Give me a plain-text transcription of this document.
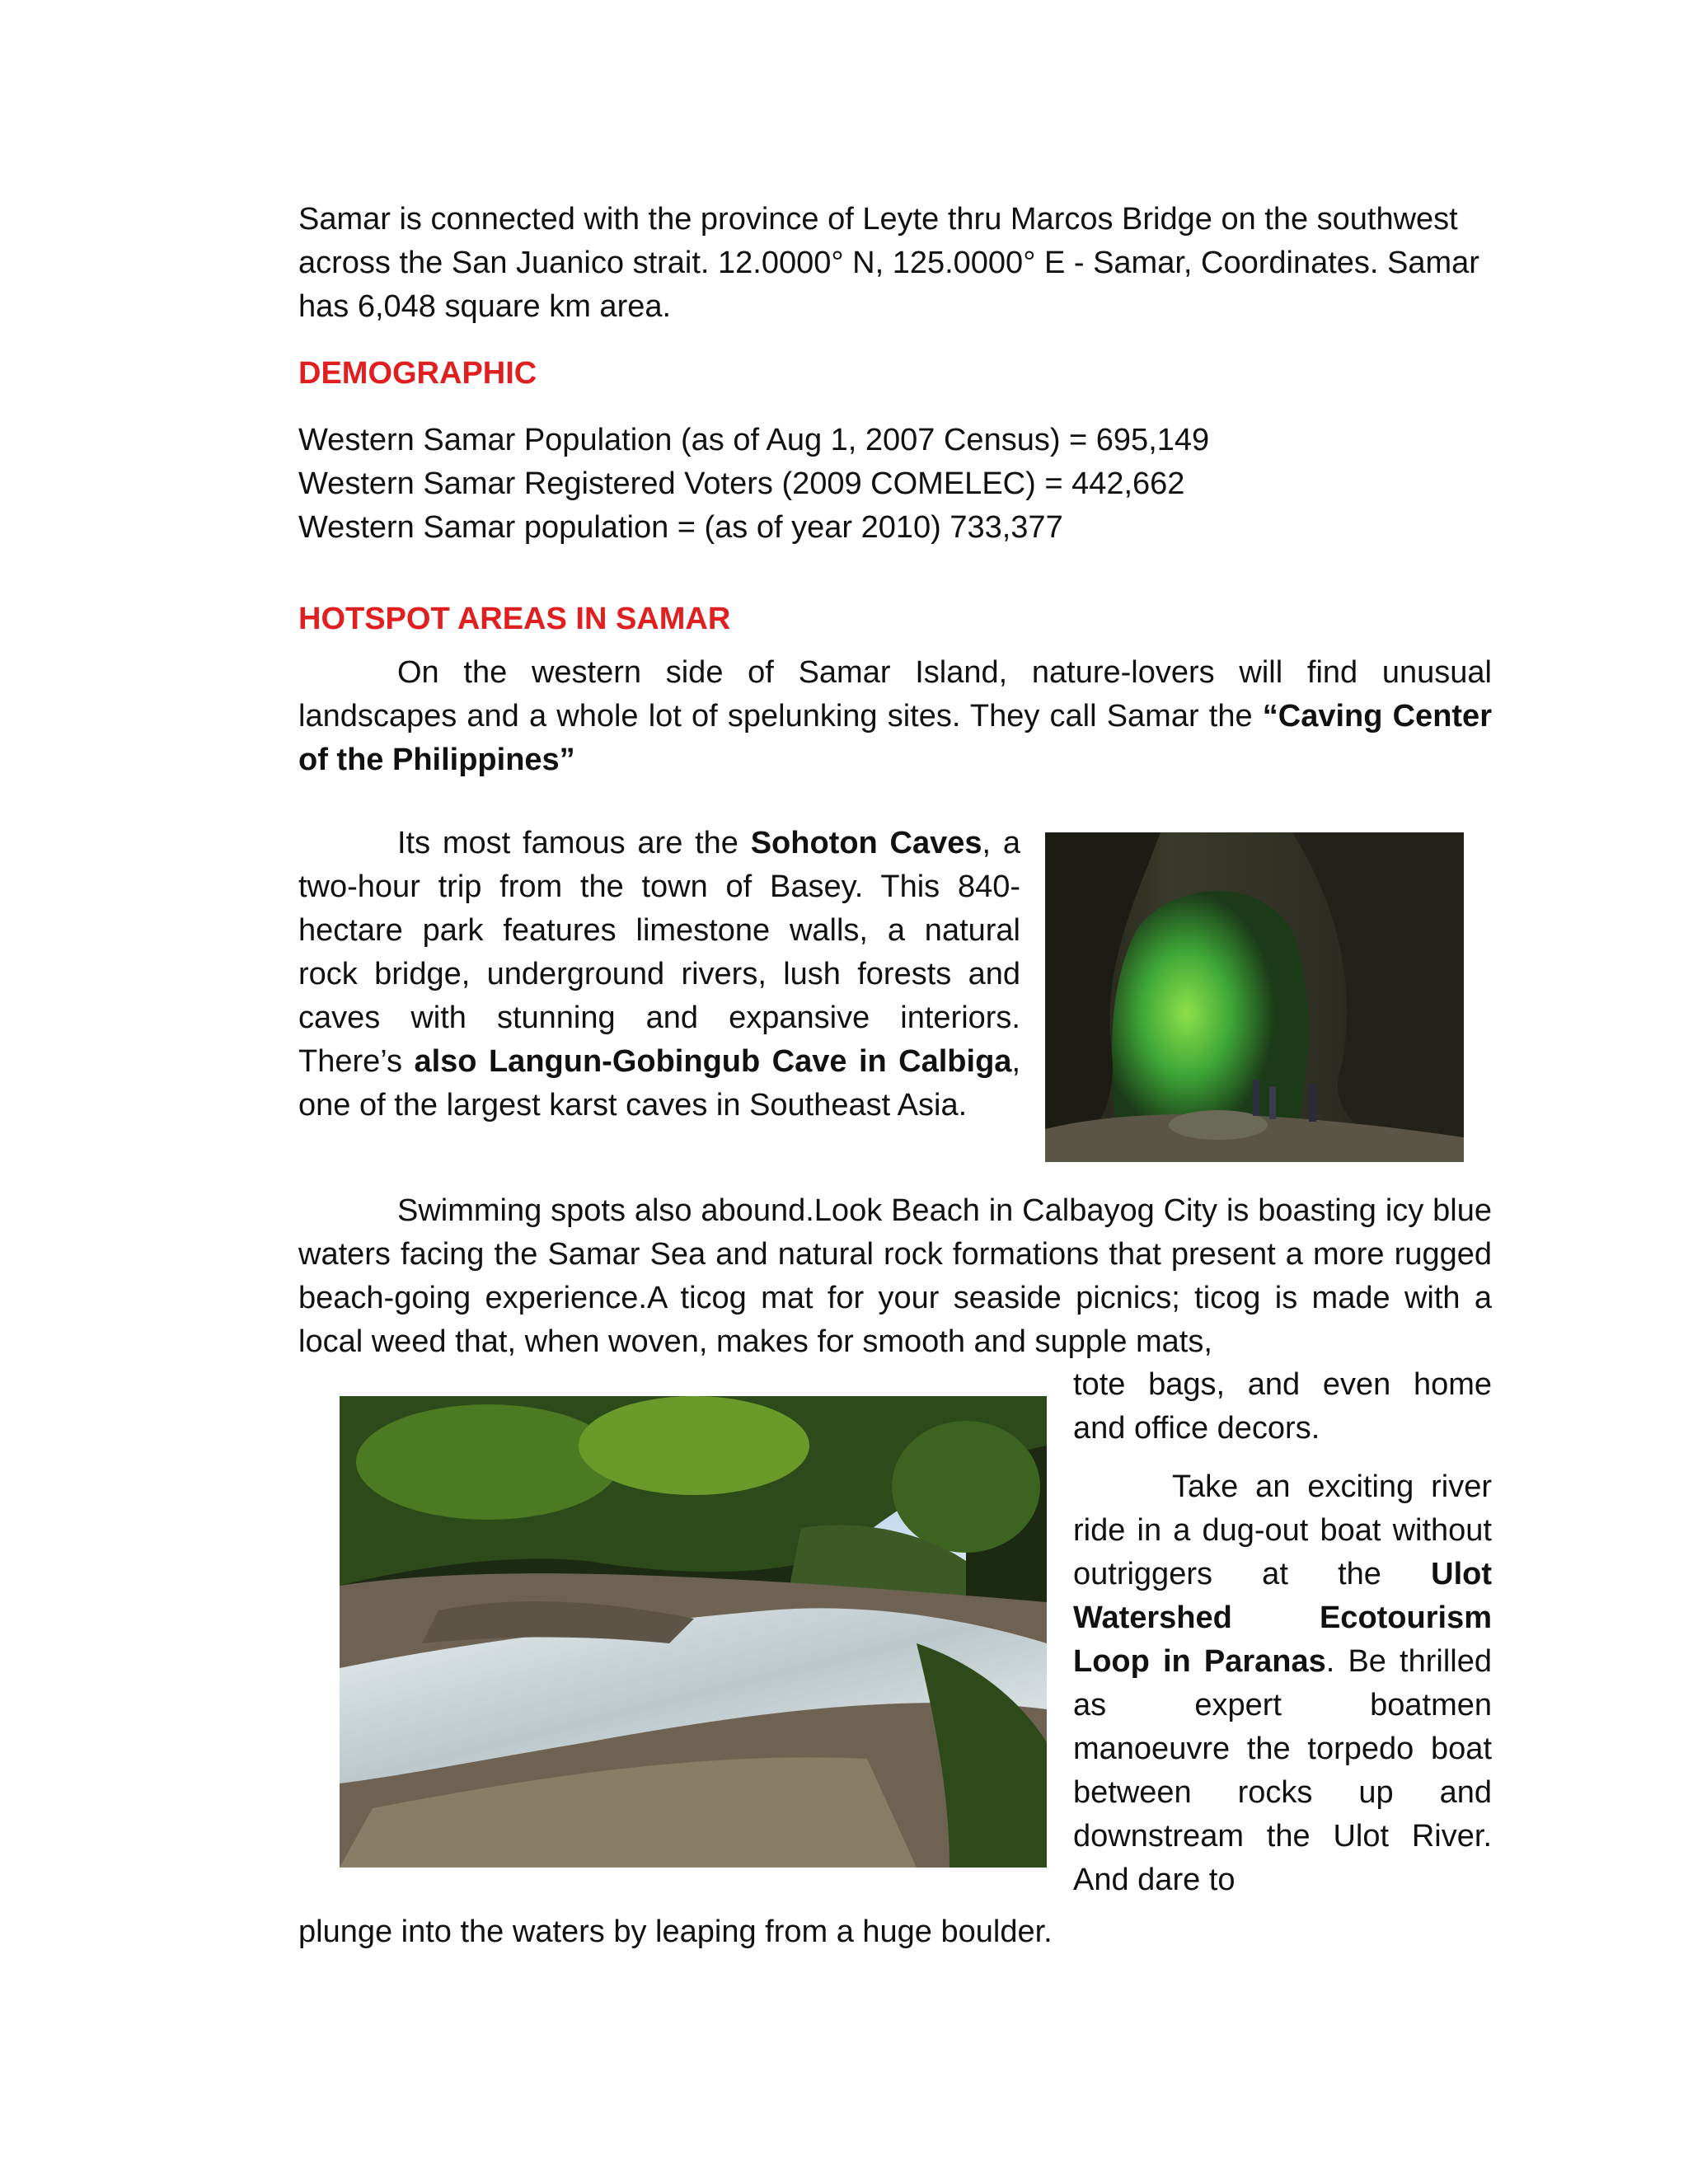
Samar is connected with the province of Leyte thru Marcos Bridge on the southwest across the San Juanico strait. 12.0000° N, 125.0000° E - Samar, Coordinates. Samar has 6,048 square km area.

DEMOGRAPHIC
Western Samar Population (as of Aug 1, 2007 Census) = 695,149
Western Samar Registered Voters (2009 COMELEC) = 442,662
Western Samar population = (as of year 2010) 733,377
HOTSPOT AREAS IN SAMAR

On the western side of Samar Island, nature-lovers will find unusual landscapes and a whole lot of spelunking sites. They call Samar the “Caving Center of the Philippines”

Its most famous are the Sohoton Caves, a two-hour trip from the town of Basey. This 840-hectare park features limestone walls, a natural rock bridge, underground rivers, lush forests and caves with stunning and expansive interiors. There’s also Langun-Gobingub Cave in Calbiga, one of the largest karst caves in Southeast Asia.

Swimming spots also abound.Look Beach in Calbayog City is boasting icy blue waters facing the Samar Sea and natural rock formations that present a more rugged beach-going experience.A ticog mat for your seaside picnics; ticog is made with a local weed that, when woven, makes for smooth and supple mats,

tote bags, and even home and office decors.

Take an exciting river ride in a dug-out boat without outriggers at the Ulot Watershed Ecotourism Loop in Paranas. Be thrilled as expert boatmen manoeuvre the torpedo boat between rocks up and downstream the Ulot River. And dare to

plunge into the waters by leaping from a huge boulder.
